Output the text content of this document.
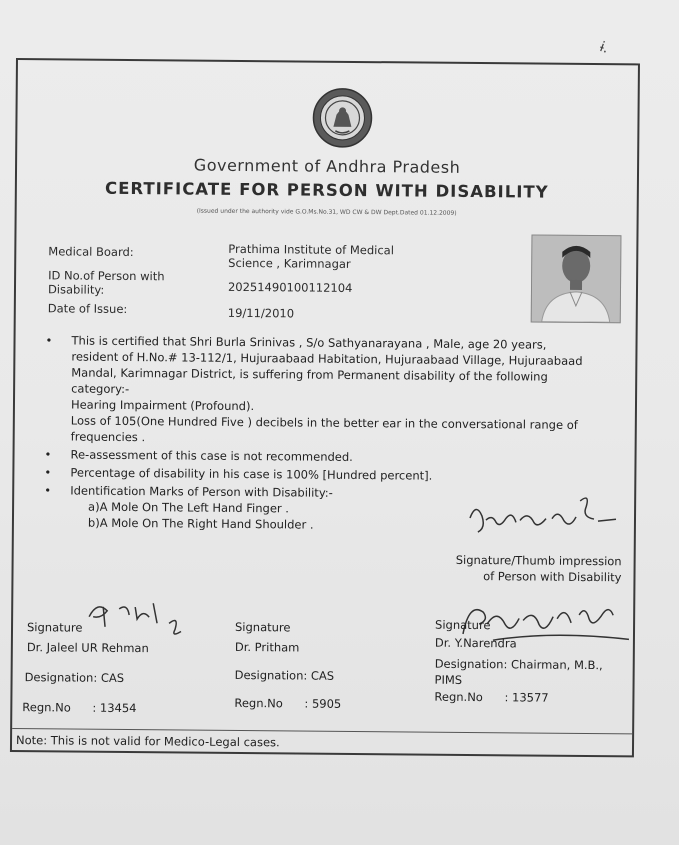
ɨ.
Government of Andhra Pradesh
CERTIFICATE FOR PERSON WITH DISABILITY
(Issued under the authority vide G.O.Ms.No.31, WD CW & DW Dept.Dated 01.12.2009)
Medical Board:	Prathima Institute of Medical
Science , Karimnagar
ID No.of Person with
Disability:	20251490100112104
Date of Issue:	19/11/2010
• This is certified that Shri Burla Srinivas , S/o Sathyanarayana , Male, age 20 years,
resident of H.No.# 13-112/1, Hujuraabaad Habitation, Hujuraabaad Village, Hujuraabaad
Mandal, Karimnagar District, is suffering from Permanent disability of the following
category:-
Hearing Impairment (Profound).
Loss of 105(One Hundred Five ) decibels in the better ear in the conversational range of
frequencies .
• Re-assessment of this case is not recommended.
• Percentage of disability in his case is 100% [Hundred percent].
• Identification Marks of Person with Disability:-
a)A Mole On The Left Hand Finger .
b)A Mole On The Right Hand Shoulder .
Signature/Thumb impression
of Person with Disability
Signature
Dr. Jaleel UR Rehman
Designation: CAS
Regn.No : 13454
Signature
Dr. Pritham
Designation: CAS
Regn.No : 5905
Signature
Dr. Y.Narendra
Designation: Chairman, M.B.,
PIMS
Regn.No : 13577
Note: This is not valid for Medico-Legal cases.
